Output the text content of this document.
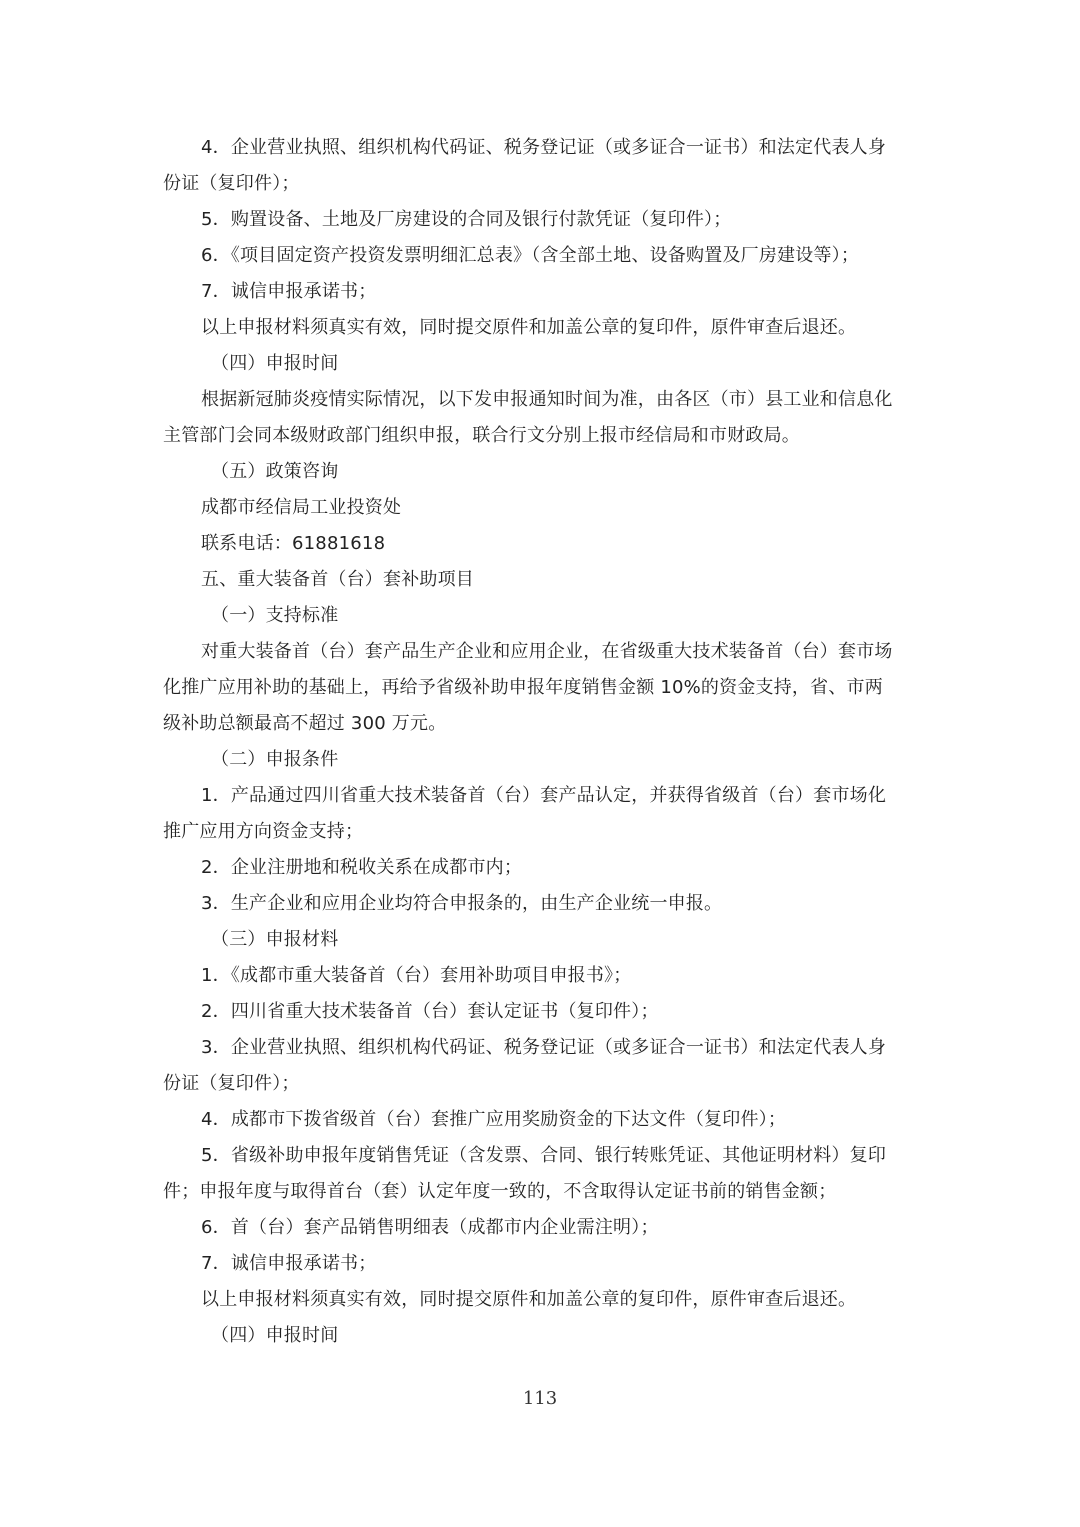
4．企业营业执照、组织机构代码证、税务登记证（或多证合一证书）和法定代表人身
份证（复印件）；
5．购置设备、土地及厂房建设的合同及银行付款凭证（复印件）；
6．《项目固定资产投资发票明细汇总表》（含全部土地、设备购置及厂房建设等）；
7．诚信申报承诺书；
以上申报材料须真实有效，同时提交原件和加盖公章的复印件，原件审查后退还。
（四）申报时间
根据新冠肺炎疫情实际情况，以下发申报通知时间为准，由各区（市）县工业和信息化
主管部门会同本级财政部门组织申报，联合行文分别上报市经信局和市财政局。
（五）政策咨询
成都市经信局工业投资处
联系电话：61881618
五、重大装备首（台）套补助项目
（一）支持标准
对重大装备首（台）套产品生产企业和应用企业，在省级重大技术装备首（台）套市场
化推广应用补助的基础上，再给予省级补助申报年度销售金额 10%的资金支持，省、市两
级补助总额最高不超过 300 万元。
（二）申报条件
1．产品通过四川省重大技术装备首（台）套产品认定，并获得省级首（台）套市场化
推广应用方向资金支持；
2．企业注册地和税收关系在成都市内；
3．生产企业和应用企业均符合申报条的，由生产企业统一申报。
（三）申报材料
1．《成都市重大装备首（台）套用补助项目申报书》；
2．四川省重大技术装备首（台）套认定证书（复印件）；
3．企业营业执照、组织机构代码证、税务登记证（或多证合一证书）和法定代表人身
份证（复印件）；
4．成都市下拨省级首（台）套推广应用奖励资金的下达文件（复印件）；
5．省级补助申报年度销售凭证（含发票、合同、银行转账凭证、其他证明材料）复印
件；申报年度与取得首台（套）认定年度一致的，不含取得认定证书前的销售金额；
6．首（台）套产品销售明细表（成都市内企业需注明）；
7．诚信申报承诺书；
以上申报材料须真实有效，同时提交原件和加盖公章的复印件，原件审查后退还。
（四）申报时间
113
